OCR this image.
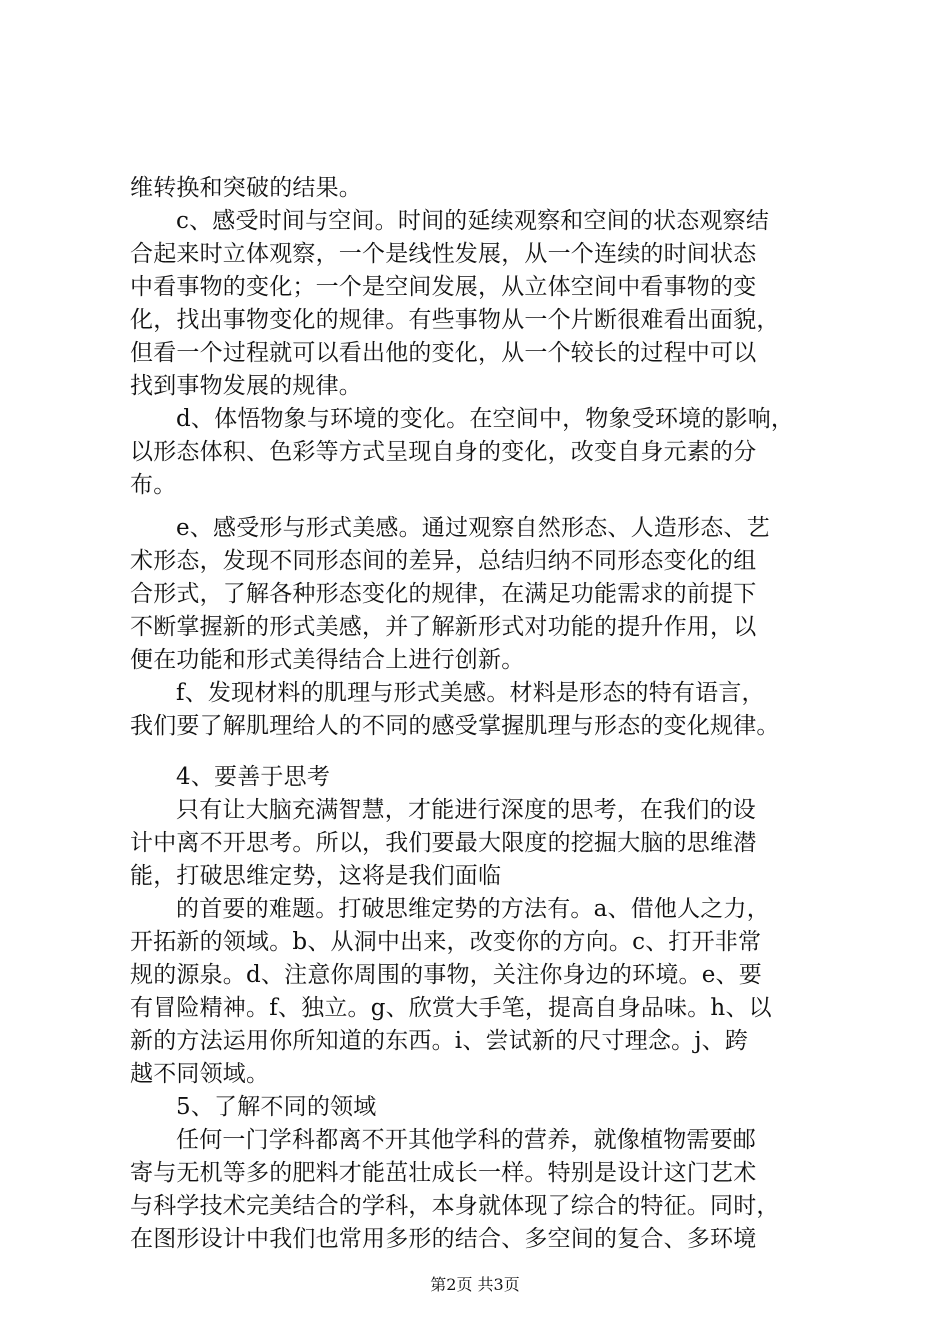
维转换和突破的结果。
c、感受时间与空间。时间的延续观察和空间的状态观察结
合起来时立体观察，一个是线性发展，从一个连续的时间状态
中看事物的变化；一个是空间发展，从立体空间中看事物的变
化，找出事物变化的规律。有些事物从一个片断很难看出面貌，
但看一个过程就可以看出他的变化，从一个较长的过程中可以
找到事物发展的规律。
d、体悟物象与环境的变化。在空间中，物象受环境的影响，
以形态体积、色彩等方式呈现自身的变化，改变自身元素的分
布。
e、感受形与形式美感。通过观察自然形态、人造形态、艺
术形态，发现不同形态间的差异，总结归纳不同形态变化的组
合形式，了解各种形态变化的规律，在满足功能需求的前提下
不断掌握新的形式美感，并了解新形式对功能的提升作用，以
便在功能和形式美得结合上进行创新。
f、发现材料的肌理与形式美感。材料是形态的特有语言，
我们要了解肌理给人的不同的感受掌握肌理与形态的变化规律。
4、要善于思考
只有让大脑充满智慧，才能进行深度的思考，在我们的设
计中离不开思考。所以，我们要最大限度的挖掘大脑的思维潜
能，打破思维定势，这将是我们面临
的首要的难题。打破思维定势的方法有。a、借他人之力，
开拓新的领域。b、从洞中出来，改变你的方向。c、打开非常
规的源泉。d、注意你周围的事物，关注你身边的环境。e、要
有冒险精神。f、独立。g、欣赏大手笔，提高自身品味。h、以
新的方法运用你所知道的东西。i、尝试新的尺寸理念。j、跨
越不同领域。
5、了解不同的领域
任何一门学科都离不开其他学科的营养，就像植物需要邮
寄与无机等多的肥料才能茁壮成长一样。特别是设计这门艺术
与科学技术完美结合的学科，本身就体现了综合的特征。同时，
在图形设计中我们也常用多形的结合、多空间的复合、多环境
第2页 共3页
